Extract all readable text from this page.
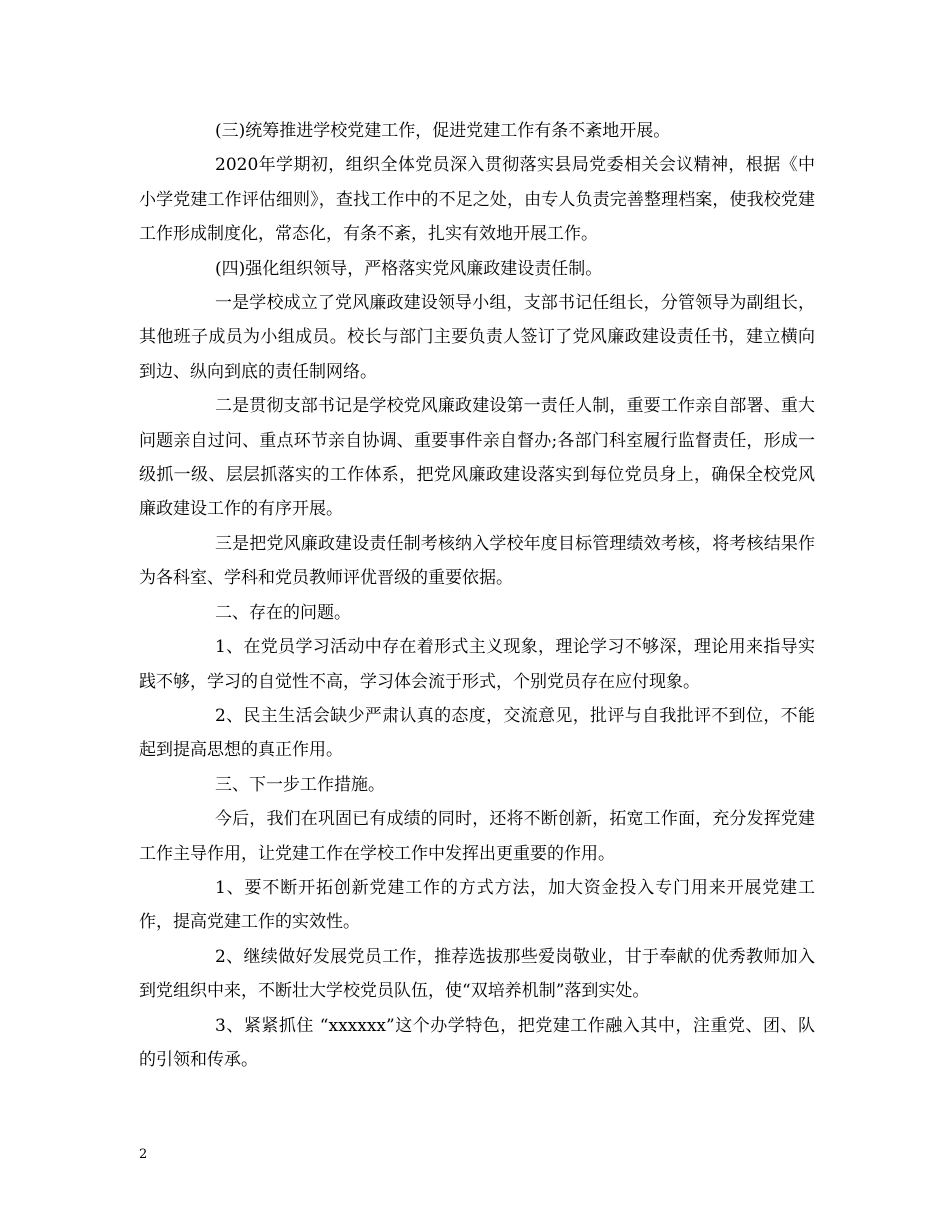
(三)统筹推进学校党建工作，促进党建工作有条不紊地开展。

2020年学期初，组织全体党员深入贯彻落实县局党委相关会议精神，根据《中小学党建工作评估细则》，查找工作中的不足之处，由专人负责完善整理档案，使我校党建工作形成制度化，常态化，有条不紊，扎实有效地开展工作。

(四)强化组织领导，严格落实党风廉政建设责任制。

一是学校成立了党风廉政建设领导小组，支部书记任组长，分管领导为副组长，其他班子成员为小组成员。校长与部门主要负责人签订了党风廉政建设责任书，建立横向到边、纵向到底的责任制网络。

二是贯彻支部书记是学校党风廉政建设第一责任人制，重要工作亲自部署、重大问题亲自过问、重点环节亲自协调、重要事件亲自督办;各部门科室履行监督责任，形成一级抓一级、层层抓落实的工作体系，把党风廉政建设落实到每位党员身上，确保全校党风廉政建设工作的有序开展。

三是把党风廉政建设责任制考核纳入学校年度目标管理绩效考核，将考核结果作为各科室、学科和党员教师评优晋级的重要依据。

二、存在的问题。

1、在党员学习活动中存在着形式主义现象，理论学习不够深，理论用来指导实践不够，学习的自觉性不高，学习体会流于形式，个别党员存在应付现象。

2、民主生活会缺少严肃认真的态度，交流意见，批评与自我批评不到位，不能起到提高思想的真正作用。

三、下一步工作措施。

今后，我们在巩固已有成绩的同时，还将不断创新，拓宽工作面，充分发挥党建工作主导作用，让党建工作在学校工作中发挥出更重要的作用。

1、要不断开拓创新党建工作的方式方法，加大资金投入专门用来开展党建工作，提高党建工作的实效性。

2、继续做好发展党员工作，推荐选拔那些爱岗敬业，甘于奉献的优秀教师加入到党组织中来，不断壮大学校党员队伍，使“双培养机制”落到实处。

3、紧紧抓住 “xxxxxx”这个办学特色，把党建工作融入其中，注重党、团、队的引领和传承。

2
